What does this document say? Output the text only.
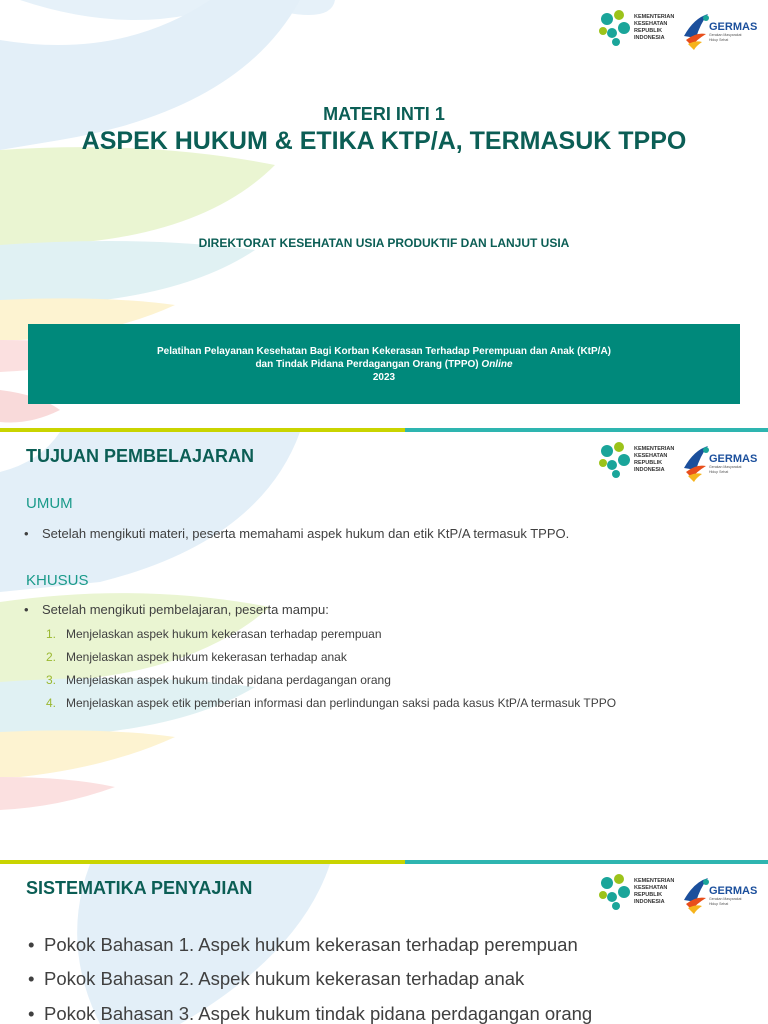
KEMENTERIAN
KESEHATAN
REPUBLIK
INDONESIA
GERMAS
Gerakan Masyarakat
Hidup Sehat
MATERI INTI 1
ASPEK HUKUM & ETIKA KTP/A, TERMASUK TPPO
DIREKTORAT KESEHATAN USIA PRODUKTIF DAN LANJUT USIA
Pelatihan Pelayanan Kesehatan Bagi Korban Kekerasan Terhadap Perempuan dan Anak (KtP/A)
dan Tindak Pidana Perdagangan Orang (TPPO) Online
2023
KEMENTERIAN
KESEHATAN
REPUBLIK
INDONESIA
GERMAS
Gerakan Masyarakat
Hidup Sehat
TUJUAN PEMBELAJARAN
UMUM
• Setelah mengikuti materi, peserta memahami aspek hukum dan etik KtP/A termasuk TPPO.
KHUSUS
• Setelah mengikuti pembelajaran, peserta mampu:
1. Menjelaskan aspek hukum kekerasan terhadap perempuan
2. Menjelaskan aspek hukum kekerasan terhadap anak
3. Menjelaskan aspek hukum tindak pidana perdagangan orang
4. Menjelaskan aspek etik pemberian informasi dan perlindungan saksi pada kasus KtP/A termasuk TPPO
KEMENTERIAN
KESEHATAN
REPUBLIK
INDONESIA
GERMAS
Gerakan Masyarakat
Hidup Sehat
SISTEMATIKA PENYAJIAN
• Pokok Bahasan 1. Aspek hukum kekerasan terhadap perempuan
• Pokok Bahasan 2. Aspek hukum kekerasan terhadap anak
• Pokok Bahasan 3. Aspek hukum tindak pidana perdagangan orang
